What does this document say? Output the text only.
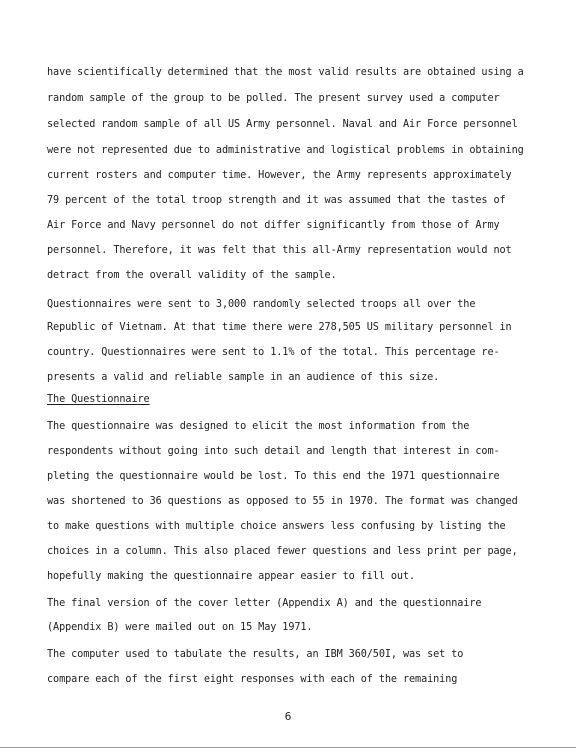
have scientifically determined that the most valid results are obtained using a
random sample of the group to be polled. The present survey used a computer
selected random sample of all US Army personnel. Naval and Air Force personnel
were not represented due to administrative and logistical problems in obtaining
current rosters and computer time. However, the Army represents approximately
79 percent of the total troop strength and it was assumed that the tastes of
Air Force and Navy personnel do not differ significantly from those of Army
personnel. Therefore, it was felt that this all-Army representation would not
detract from the overall validity of the sample.
Questionnaires were sent to 3,000 randomly selected troops all over the
Republic of Vietnam. At that time there were 278,505 US military personnel in
country. Questionnaires were sent to 1.1% of the total. This percentage re-
presents a valid and reliable sample in an audience of this size.
The Questionnaire
The questionnaire was designed to elicit the most information from the
respondents without going into such detail and length that interest in com-
pleting the questionnaire would be lost. To this end the 1971 questionnaire
was shortened to 36 questions as opposed to 55 in 1970. The format was changed
to make questions with multiple choice answers less confusing by listing the
choices in a column. This also placed fewer questions and less print per page,
hopefully making the questionnaire appear easier to fill out.
The final version of the cover letter (Appendix A) and the questionnaire
(Appendix B) were mailed out on 15 May 1971.
The computer used to tabulate the results, an IBM 360/50I, was set to
compare each of the first eight responses with each of the remaining
6
